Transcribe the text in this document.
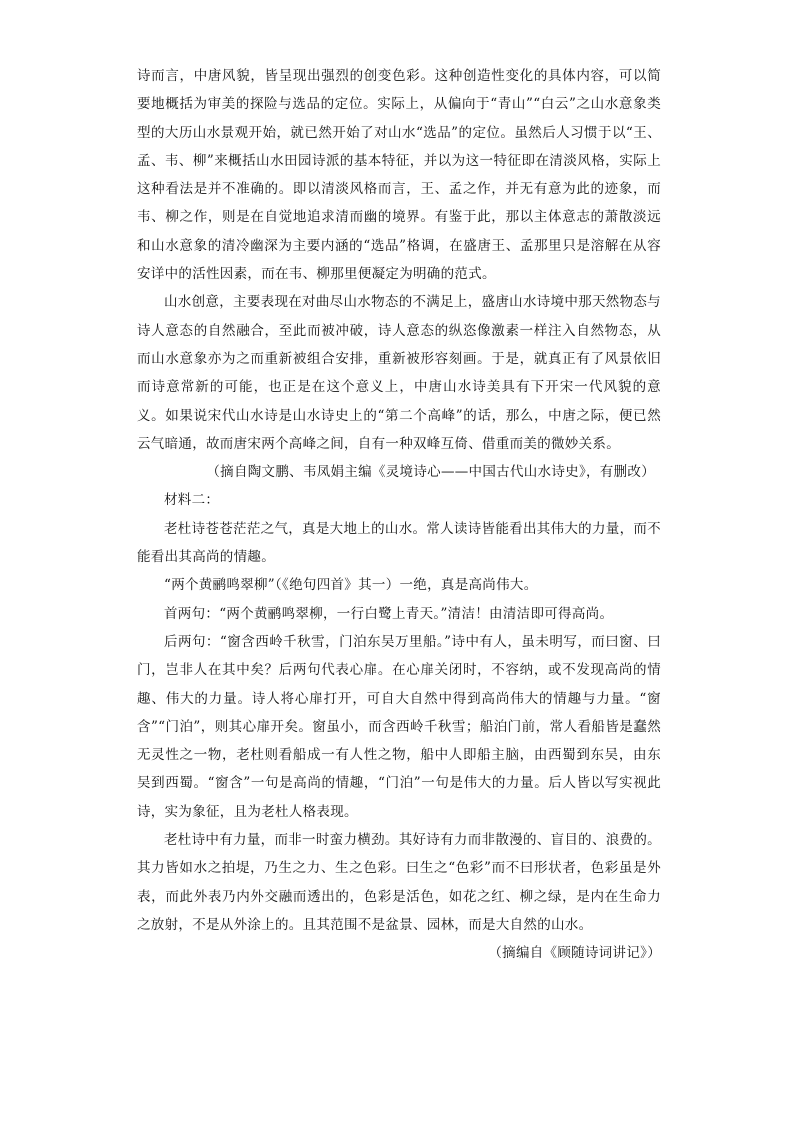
诗而言，中唐风貌，皆呈现出强烈的创变色彩。这种创造性变化的具体内容，可以简要地概括为审美的探险与选品的定位。实际上，从偏向于“青山”“白云”之山水意象类型的大历山水景观开始，就已然开始了对山水“选品”的定位。虽然后人习惯于以“王、孟、韦、柳”来概括山水田园诗派的基本特征，并以为这一特征即在清淡风格，实际上这种看法是并不准确的。即以清淡风格而言，王、孟之作，并无有意为此的迹象，而韦、柳之作，则是在自觉地追求清而幽的境界。有鉴于此，那以主体意志的萧散淡远和山水意象的清冷幽深为主要内涵的“选品”格调，在盛唐王、孟那里只是溶解在从容安详中的活性因素，而在韦、柳那里便凝定为明确的范式。

山水创意，主要表现在对曲尽山水物态的不满足上，盛唐山水诗境中那天然物态与诗人意态的自然融合，至此而被冲破，诗人意态的纵恣像激素一样注入自然物态，从而山水意象亦为之而重新被组合安排，重新被形容刻画。于是，就真正有了风景依旧而诗意常新的可能，也正是在这个意义上，中唐山水诗美具有下开宋一代风貌的意义。如果说宋代山水诗是山水诗史上的“第二个高峰”的话，那么，中唐之际，便已然云气暗通，故而唐宋两个高峰之间，自有一种双峰互倚、借重而美的微妙关系。

（摘自陶文鹏、韦凤娟主编《灵境诗心——中国古代山水诗史》，有删改）

材料二：

老杜诗苍苍茫茫之气，真是大地上的山水。常人读诗皆能看出其伟大的力量，而不能看出其高尚的情趣。

“两个黄鹂鸣翠柳”（《绝句四首》其一）一绝，真是高尚伟大。

首两句：“两个黄鹂鸣翠柳，一行白鹭上青天。”清洁！由清洁即可得高尚。

后两句：“窗含西岭千秋雪，门泊东吴万里船。”诗中有人，虽未明写，而曰窗、曰门，岂非人在其中矣？后两句代表心扉。在心扉关闭时，不容纳，或不发现高尚的情趣、伟大的力量。诗人将心扉打开，可自大自然中得到高尚伟大的情趣与力量。“窗含”“门泊”，则其心扉开矣。窗虽小，而含西岭千秋雪；船泊门前，常人看船皆是蠢然无灵性之一物，老杜则看船成一有人性之物，船中人即船主脑，由西蜀到东吴，由东吴到西蜀。“窗含”一句是高尚的情趣，“门泊”一句是伟大的力量。后人皆以写实视此诗，实为象征，且为老杜人格表现。

老杜诗中有力量，而非一时蛮力横劲。其好诗有力而非散漫的、盲目的、浪费的。其力皆如水之拍堤，乃生之力、生之色彩。曰生之“色彩”而不曰形状者，色彩虽是外表，而此外表乃内外交融而透出的，色彩是活色，如花之红、柳之绿，是内在生命力之放射，不是从外涂上的。且其范围不是盆景、园林，而是大自然的山水。

（摘编自《顾随诗词讲记》）
